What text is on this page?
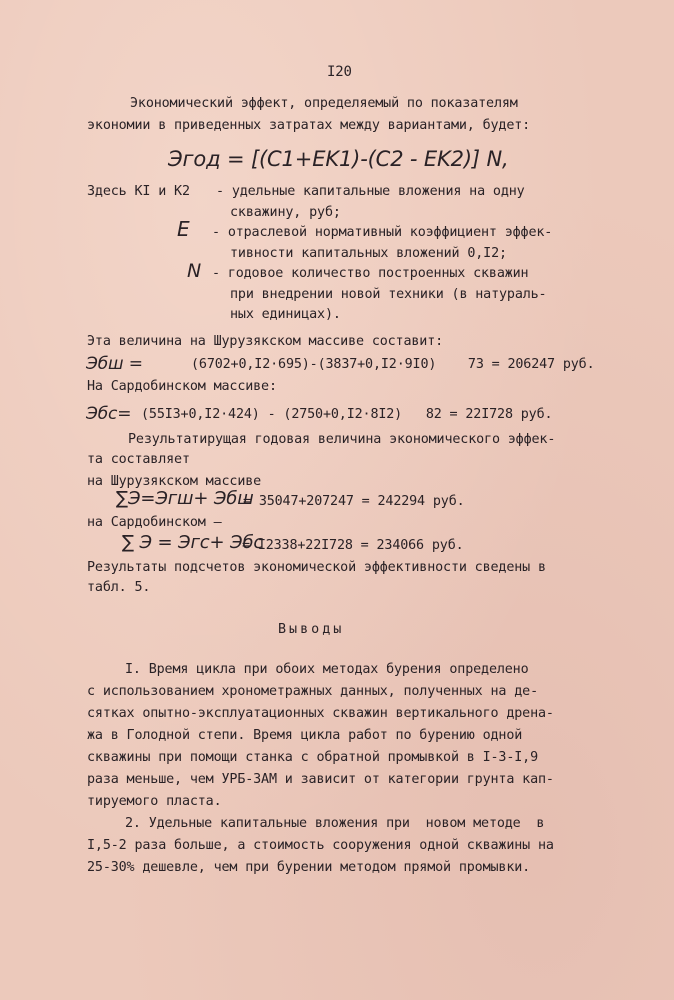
I20
Экономический эффект, определяемый по показателям
экономии в приведенных затратах между вариантами, будет:
Эгод = [(C1+EK1)-(C2 - EK2)] N,
Здесь KI и K2 - удельные капитальные вложения на одну
скважину, руб;
E - отраслевой нормативный коэффициент эффек-
тивности капитальных вложений 0,I2;
N - годовое количество построенных скважин
при внедрении новой техники (в натураль-
ных единицах).
Эта величина на Шурузякском массиве составит:
Эбш =	(6702+0,I2·695)-(3837+0,I2·9I0)    73 = 206247 руб.
На Сардобинском массиве:
Эбс= (55I3+0,I2·424) - (2750+0,I2·8I2)   82 = 22I728 руб.
Результатирущая годовая величина экономического эффек-
та составляет
на Шурузякском массиве
∑Э=Эгш+ Эбш
= 35047+207247 = 242294 руб.
на Сардобинском —
∑ Э = Эгс+ Эбс
= I2338+22I728 = 234066 руб.
Результаты подсчетов экономической эффективности сведены в
табл. 5.
Выводы
I. Время цикла при обоих методах бурения определено
с использованием хронометражных данных, полученных на де-
сятках опытно-эксплуатационных скважин вертикального дрена-
жа в Голодной степи. Время цикла работ по бурению одной
скважины при помощи станка с обратной промывкой в I-3-I,9
раза меньше, чем УРБ-ЗАМ и зависит от категории грунта кап-
тируемого пласта.
2. Удельные капитальные вложения при  новом методе  в
I,5-2 раза больше, а стоимость сооружения одной скважины на
25-30% дешевле, чем при бурении методом прямой промывки.
